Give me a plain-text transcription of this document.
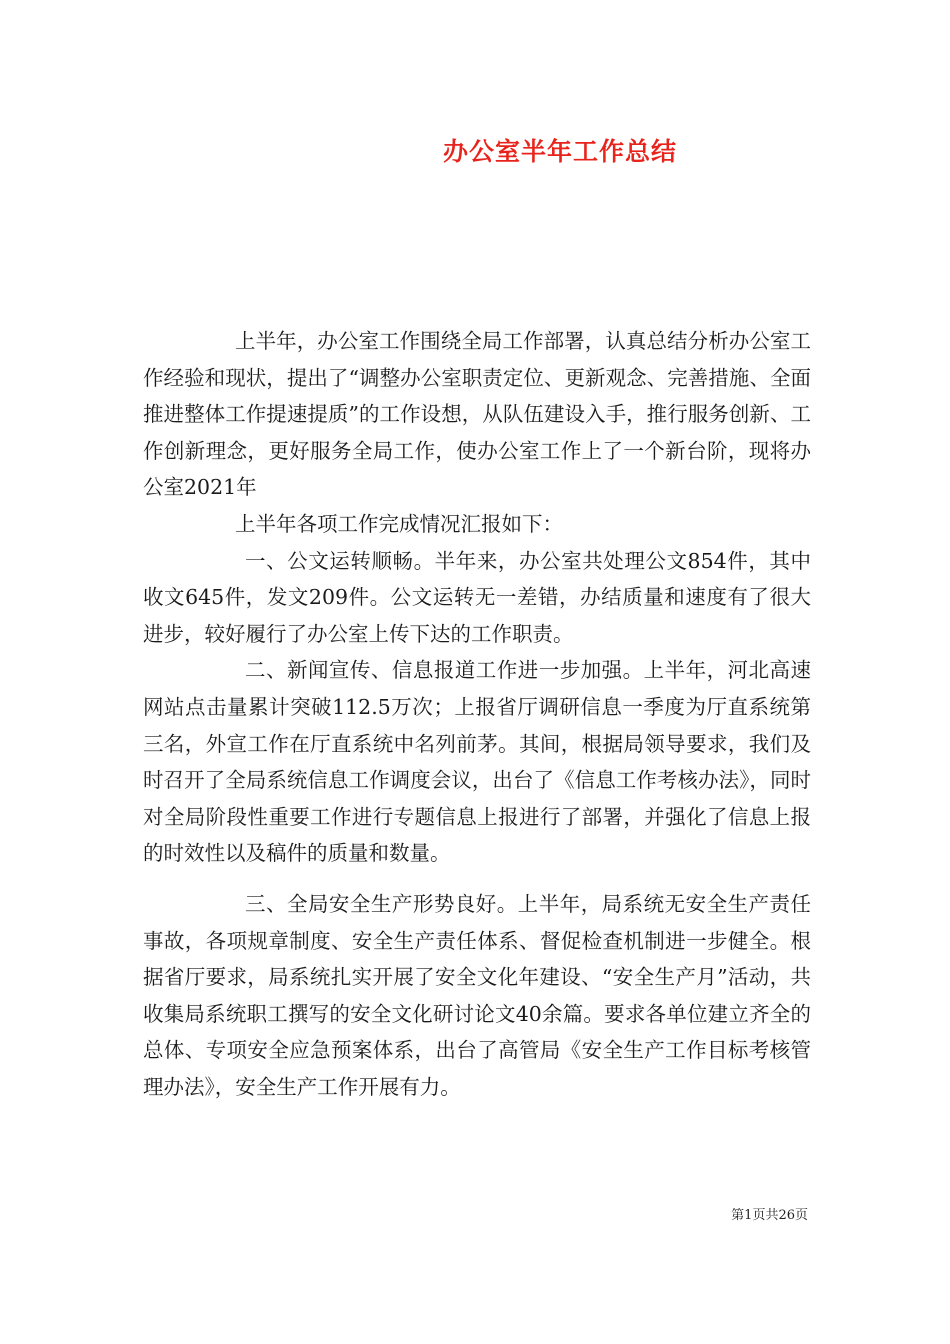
办公室半年工作总结

上半年，办公室工作围绕全局工作部署，认真总结分析办公室工作经验和现状，提出了“调整办公室职责定位、更新观念、完善措施、全面推进整体工作提速提质”的工作设想，从队伍建设入手，推行服务创新、工作创新理念，更好服务全局工作，使办公室工作上了一个新台阶，现将办公室2021年

上半年各项工作完成情况汇报如下：

一、公文运转顺畅。半年来，办公室共处理公文854件，其中收文645件，发文209件。公文运转无一差错，办结质量和速度有了很大进步，较好履行了办公室上传下达的工作职责。

二、新闻宣传、信息报道工作进一步加强。上半年，河北高速网站点击量累计突破112.5万次；上报省厅调研信息一季度为厅直系统第三名，外宣工作在厅直系统中名列前茅。其间，根据局领导要求，我们及时召开了全局系统信息工作调度会议，出台了《信息工作考核办法》，同时对全局阶段性重要工作进行专题信息上报进行了部署，并强化了信息上报的时效性以及稿件的质量和数量。

三、全局安全生产形势良好。上半年，局系统无安全生产责任事故，各项规章制度、安全生产责任体系、督促检查机制进一步健全。根据省厅要求，局系统扎实开展了安全文化年建设、“安全生产月”活动，共收集局系统职工撰写的安全文化研讨论文40余篇。要求各单位建立齐全的总体、专项安全应急预案体系，出台了高管局《安全生产工作目标考核管理办法》，安全生产工作开展有力。

第1页共26页
